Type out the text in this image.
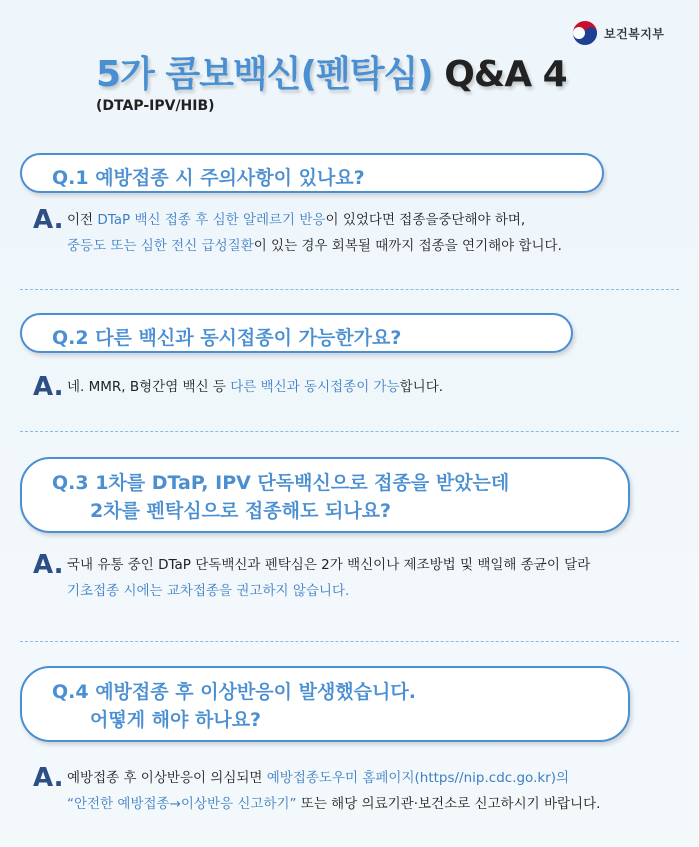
보건복지부
5가 콤보백신(펜탁심) Q&A 4
(DTAP-IPV/HIB)
Q.1 예방접종 시 주의사항이 있나요?
A. 이전 DTaP 백신 접종 후 심한 알레르기 반응이 있었다면 접종을중단해야 하며,
중등도 또는 심한 전신 급성질환이 있는 경우 회복될 때까지 접종을 연기해야 합니다.
Q.2 다른 백신과 동시접종이 가능한가요?
A. 네. MMR, B형간염 백신 등 다른 백신과 동시접종이 가능합니다.
Q.3 1차를 DTaP, IPV 단독백신으로 접종을 받았는데
2차를 펜탁심으로 접종해도 되나요?
A. 국내 유통 중인 DTaP 단독백신과 펜탁심은 2가 백신이나 제조방법 및 백일해 종균이 달라
기초접종 시에는 교차접종을 권고하지 않습니다.
Q.4 예방접종 후 이상반응이 발생했습니다.
어떻게 해야 하나요?
A. 예방접종 후 이상반응이 의심되면 예방접종도우미 홈페이지(https//nip.cdc.go.kr)의
“안전한 예방접종→이상반응 신고하기” 또는 해당 의료기관·보건소로 신고하시기 바랍니다.
